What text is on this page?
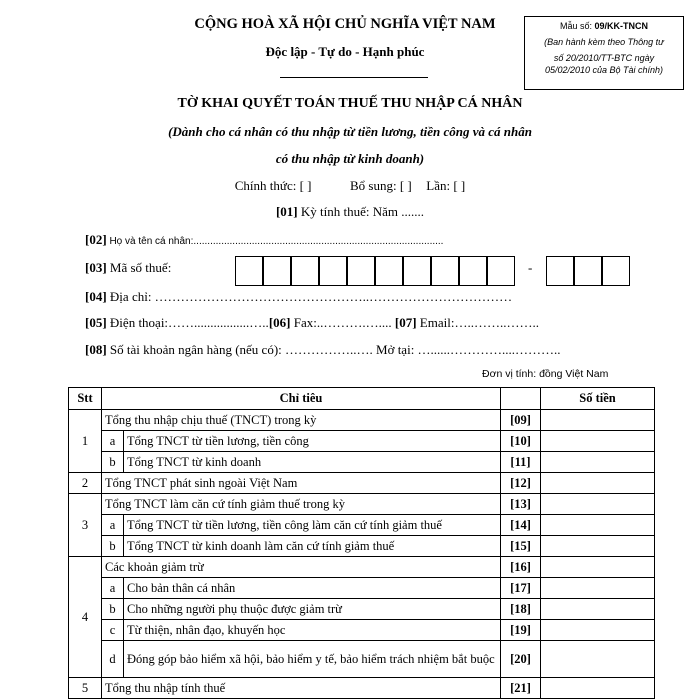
CỘNG HOÀ XÃ HỘI CHỦ NGHĨA VIỆT NAM
Độc lập - Tự do - Hạnh phúc
Mẫu số: 09/KK-TNCN
(Ban hành kèm theo Thông tư
số 20/2010/TT-BTC ngày
05/02/2010 của Bộ Tài chính)
TỜ KHAI QUYẾT TOÁN THUẾ THU NHẬP CÁ NHÂN
(Dành cho cá nhân có thu nhập từ tiền lương, tiền công và cá nhân
có thu nhập từ kinh doanh)
Chính thức: [ ]	Bổ sung: [ ] Lần: [ ]
[01] Kỳ tính thuế: Năm .......
[02] Họ và tên cá nhân:..........................................................................................
[03] Mã số thuế:	-
[04] Địa chỉ: …………………………………………..……………………………
[05] Điện thoại:…….................…..[06] Fax:..……….….... [07] Email:…..……..……..
[08] Số tài khoản ngân hàng (nếu có): ……………..…. Mở tại: …......…………....………..
Đơn vị tính: đồng Việt Nam
Stt	Chỉ tiêu			Số tiền
1	Tổng thu nhập chịu thuế (TNCT) trong kỳ		[09]	
	a	Tổng TNCT từ tiền lương, tiền công	[10]	
	b	Tổng TNCT từ kinh doanh	[11]	
2	Tổng TNCT phát sinh ngoài Việt Nam		[12]	
3	Tổng TNCT làm căn cứ tính giảm thuế trong kỳ		[13]	
	a	Tổng TNCT từ tiền lương, tiền công làm căn cứ tính giảm thuế	[14]	
	b	Tổng TNCT từ kinh doanh làm căn cứ tính giảm thuế	[15]	
4	Các khoản giảm trừ		[16]	
	a	Cho bản thân cá nhân	[17]	
	b	Cho những người phụ thuộc được giảm trừ	[18]	
	c	Từ thiện, nhân đạo, khuyến học	[19]	
	d	Đóng góp bảo hiểm xã hội, bảo hiểm y tế, bảo hiểm trách nhiệm bắt buộc	[20]	
5	Tổng thu nhập tính thuế		[21]	
